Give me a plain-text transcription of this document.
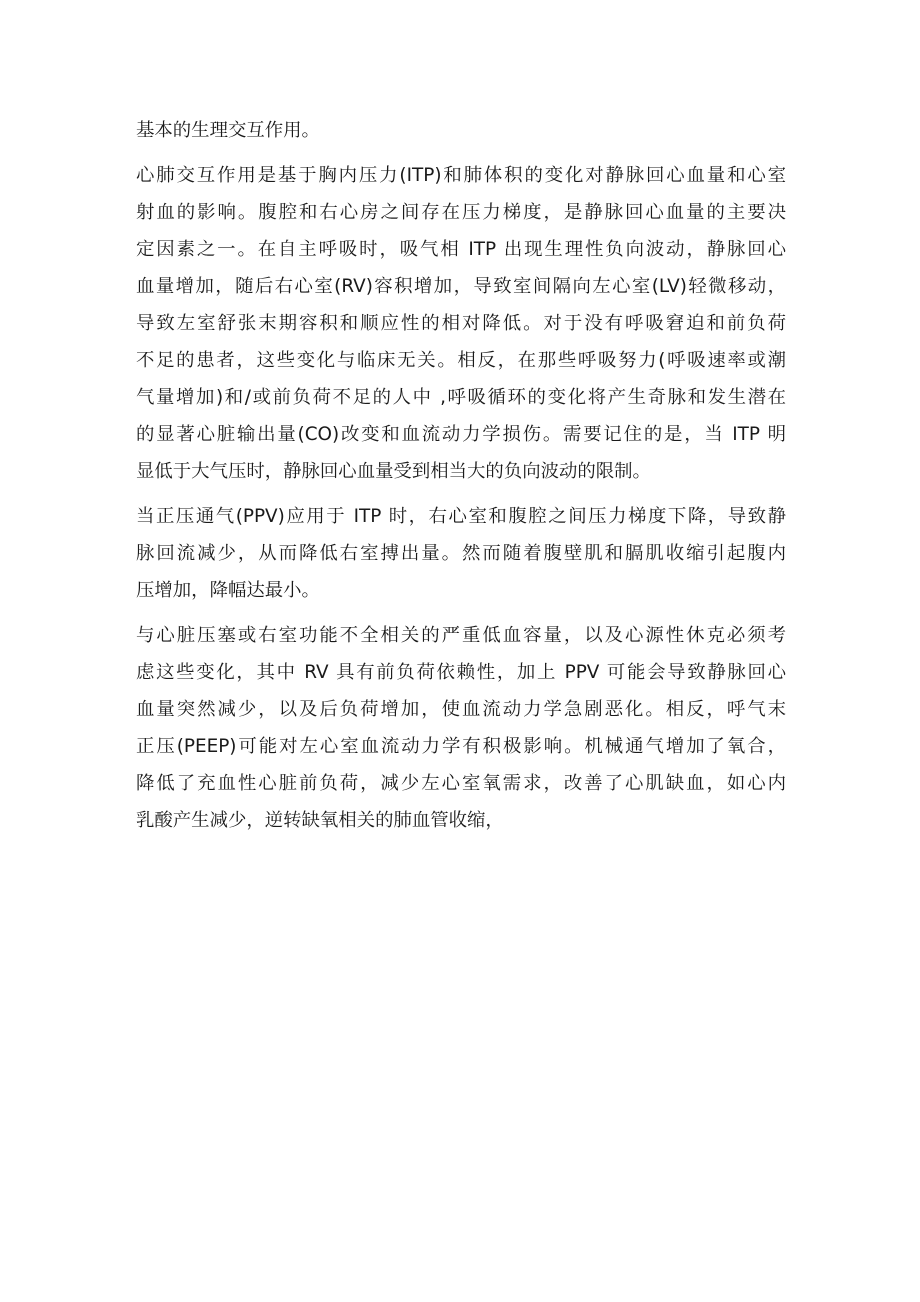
基本的生理交互作用。
心肺交互作用是基于胸内压力(ITP)和肺体积的变化对静脉回心血量和心室
射血的影响。腹腔和右心房之间存在压力梯度，是静脉回心血量的主要决
定因素之一。在自主呼吸时，吸气相 ITP 出现生理性负向波动，静脉回心
血量增加，随后右心室(RV)容积增加，导致室间隔向左心室(LV)轻微移动，
导致左室舒张末期容积和顺应性的相对降低。对于没有呼吸窘迫和前负荷
不足的患者，这些变化与临床无关。相反，在那些呼吸努力(呼吸速率或潮
气量增加)和/或前负荷不足的人中 ,呼吸循环的变化将产生奇脉和发生潜在
的显著心脏输出量(CO)改变和血流动力学损伤。需要记住的是，当 ITP 明
显低于大气压时，静脉回心血量受到相当大的负向波动的限制。
当正压通气(PPV)应用于 ITP 时，右心室和腹腔之间压力梯度下降，导致静
脉回流减少，从而降低右室搏出量。然而随着腹壁肌和膈肌收缩引起腹内
压增加，降幅达最小。
与心脏压塞或右室功能不全相关的严重低血容量，以及心源性休克必须考
虑这些变化，其中 RV 具有前负荷依赖性，加上 PPV 可能会导致静脉回心
血量突然减少，以及后负荷增加，使血流动力学急剧恶化。相反，呼气末
正压(PEEP)可能对左心室血流动力学有积极影响。机械通气增加了氧合，
降低了充血性心脏前负荷，减少左心室氧需求，改善了心肌缺血，如心内
乳酸产生减少，逆转缺氧相关的肺血管收缩，
